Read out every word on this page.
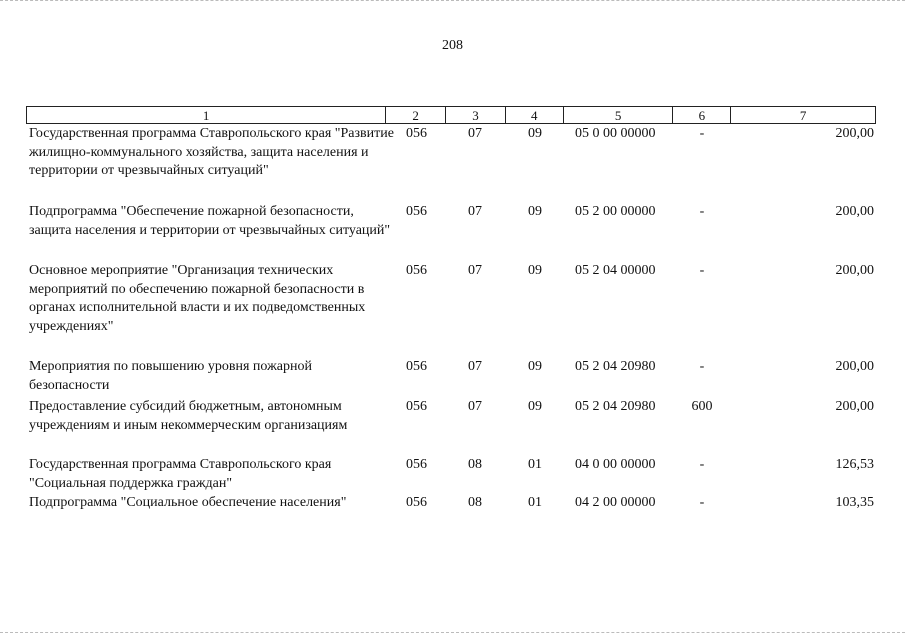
208
1	2	3	4	5	6	7
Государственная программа Ставропольского края "Развитие жилищно-коммунального хозяйства, защита населения и территории от чрезвычайных ситуаций"
056	07	09 05 0 00 00000	-	200,00
Подпрограмма "Обеспечение пожарной безопасности, защита населения и территории от чрезвычайных ситуаций"
056	07	09 05 2 00 00000	-	200,00
Основное мероприятие "Организация технических мероприятий по обеспечению пожарной безопасности в органах исполнительной власти и их подведомственных учреждениях"
056	07	09 05 2 04 00000	-	200,00
Мероприятия по повышению уровня пожарной безопасности
056	07	09 05 2 04 20980	-	200,00
Предоставление субсидий бюджетным, автономным учреждениям и иным некоммерческим организациям
056	07	09 05 2 04 20980	600	200,00
Государственная программа Ставропольского края "Социальная поддержка граждан"
056	08	01 04 0 00 00000	-	126,53
Подпрограмма "Социальное обеспечение населения"	056	08	01 04 2 00 00000	-	103,35
